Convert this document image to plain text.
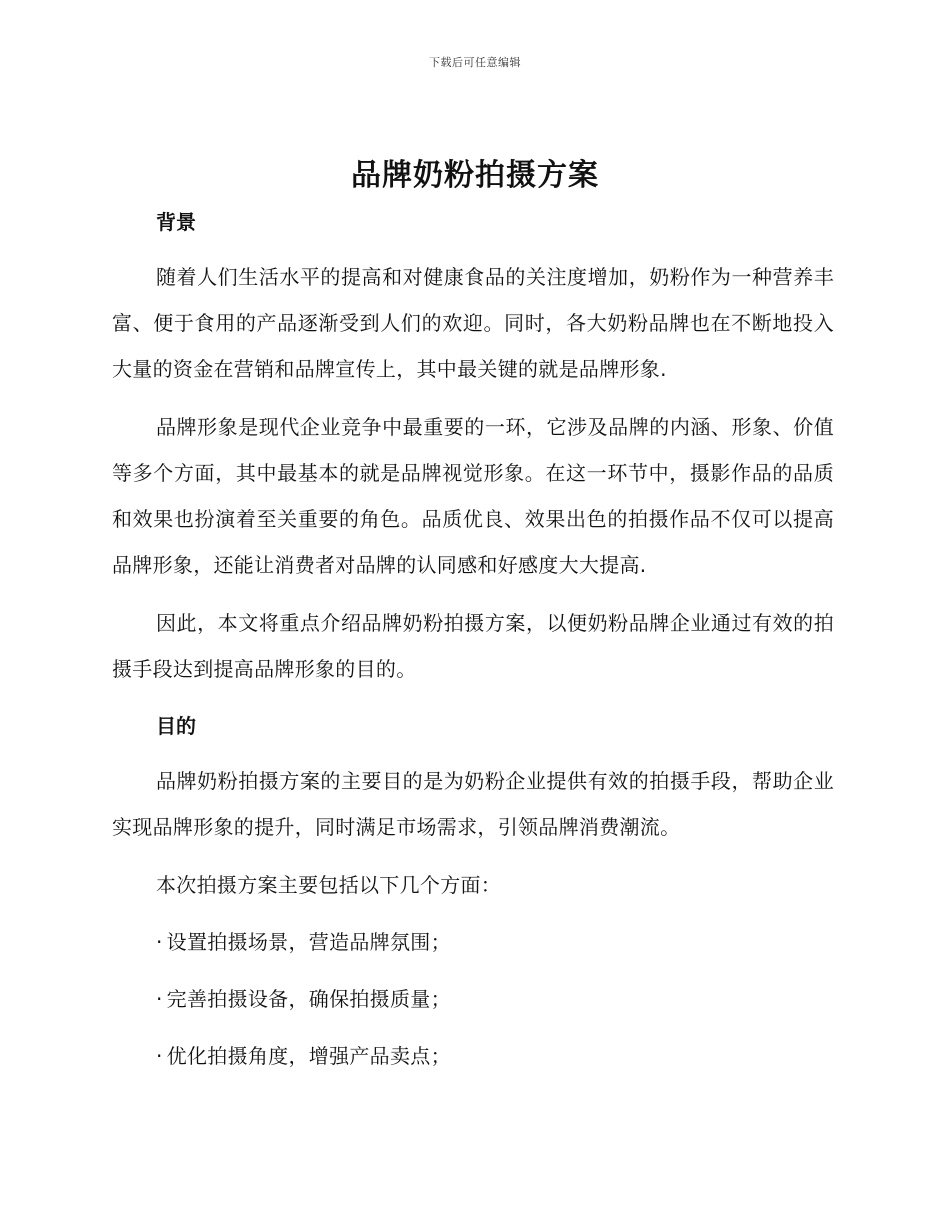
下载后可任意编辑
品牌奶粉拍摄方案
背景

随着人们生活水平的提高和对健康食品的关注度增加，奶粉作为一种营养丰富、便于食用的产品逐渐受到人们的欢迎。同时，各大奶粉品牌也在不断地投入大量的资金在营销和品牌宣传上，其中最关键的就是品牌形象.

品牌形象是现代企业竞争中最重要的一环，它涉及品牌的内涵、形象、价值等多个方面，其中最基本的就是品牌视觉形象。在这一环节中，摄影作品的品质和效果也扮演着至关重要的角色。品质优良、效果出色的拍摄作品不仅可以提高品牌形象，还能让消费者对品牌的认同感和好感度大大提高.

因此，本文将重点介绍品牌奶粉拍摄方案，以便奶粉品牌企业通过有效的拍摄手段达到提高品牌形象的目的。

目的

品牌奶粉拍摄方案的主要目的是为奶粉企业提供有效的拍摄手段，帮助企业实现品牌形象的提升，同时满足市场需求，引领品牌消费潮流。

本次拍摄方案主要包括以下几个方面：

· 设置拍摄场景，营造品牌氛围；
· 完善拍摄设备，确保拍摄质量；
· 优化拍摄角度，增强产品卖点；
